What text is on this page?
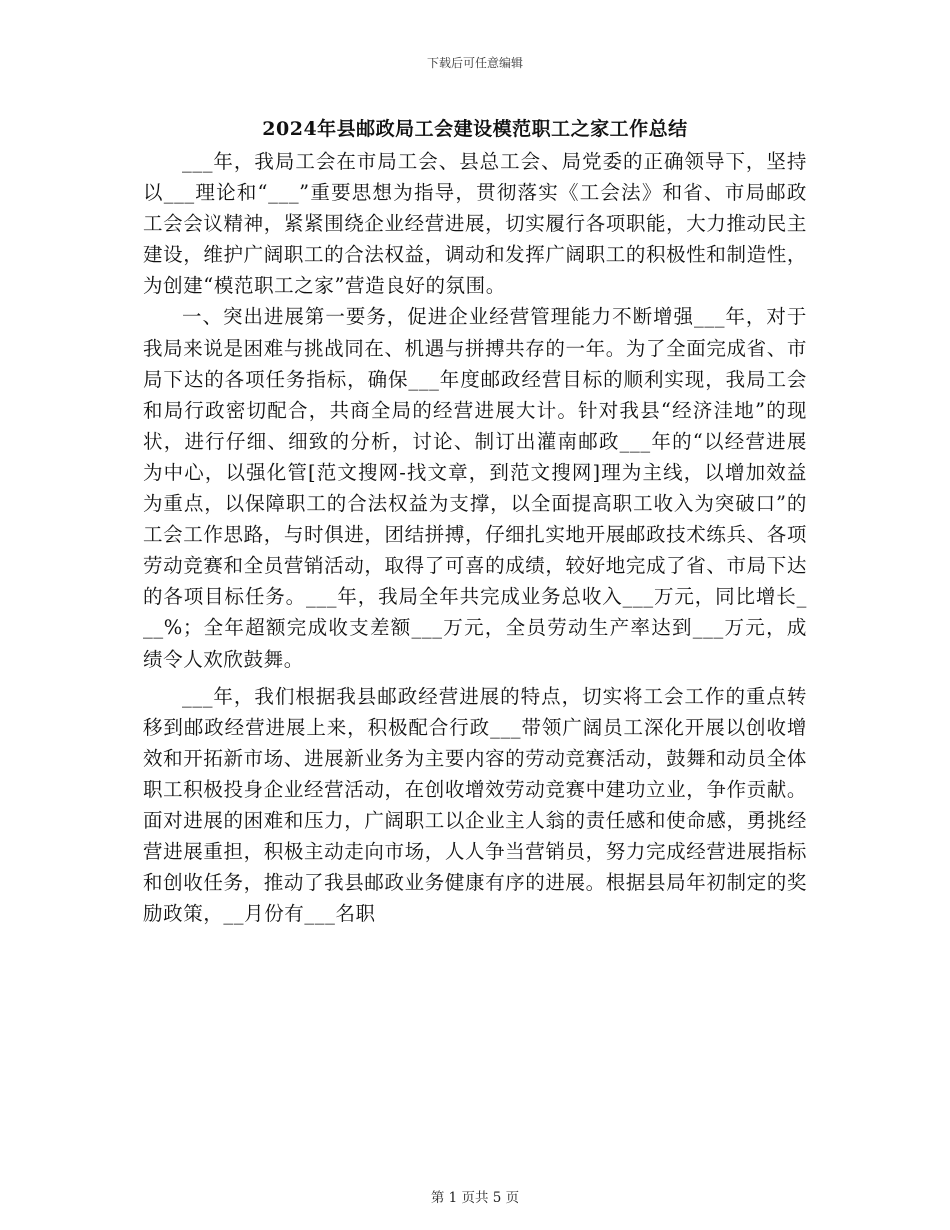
下载后可任意编辑
2024年县邮政局工会建设模范职工之家工作总结

___年，我局工会在市局工会、县总工会、局党委的正确领导下，坚持以___理论和“___”重要思想为指导，贯彻落实《工会法》和省、市局邮政工会会议精神，紧紧围绕企业经营进展，切实履行各项职能，大力推动民主建设，维护广阔职工的合法权益，调动和发挥广阔职工的积极性和制造性，为创建“模范职工之家”营造良好的氛围。

一、突出进展第一要务，促进企业经营管理能力不断增强___年，对于我局来说是困难与挑战同在、机遇与拼搏共存的一年。为了全面完成省、市局下达的各项任务指标，确保___年度邮政经营目标的顺利实现，我局工会和局行政密切配合，共商全局的经营进展大计。针对我县“经济洼地”的现状，进行仔细、细致的分析，讨论、制订出灌南邮政___年的“以经营进展为中心，以强化管[范文搜网-找文章，到范文搜网]理为主线，以增加效益为重点，以保障职工的合法权益为支撑，以全面提高职工收入为突破口”的工会工作思路，与时俱进，团结拼搏，仔细扎实地开展邮政技术练兵、各项劳动竞赛和全员营销活动，取得了可喜的成绩，较好地完成了省、市局下达的各项目标任务。___年，我局全年共完成业务总收入___万元，同比增长___%；全年超额完成收支差额___万元，全员劳动生产率达到___万元，成绩令人欢欣鼓舞。

___年，我们根据我县邮政经营进展的特点，切实将工会工作的重点转移到邮政经营进展上来，积极配合行政___带领广阔员工深化开展以创收增效和开拓新市场、进展新业务为主要内容的劳动竞赛活动，鼓舞和动员全体职工积极投身企业经营活动，在创收增效劳动竞赛中建功立业，争作贡献。面对进展的困难和压力，广阔职工以企业主人翁的责任感和使命感，勇挑经营进展重担，积极主动走向市场，人人争当营销员，努力完成经营进展指标和创收任务，推动了我县邮政业务健康有序的进展。根据县局年初制定的奖励政策，__月份有___名职

第 1 页共 5 页
